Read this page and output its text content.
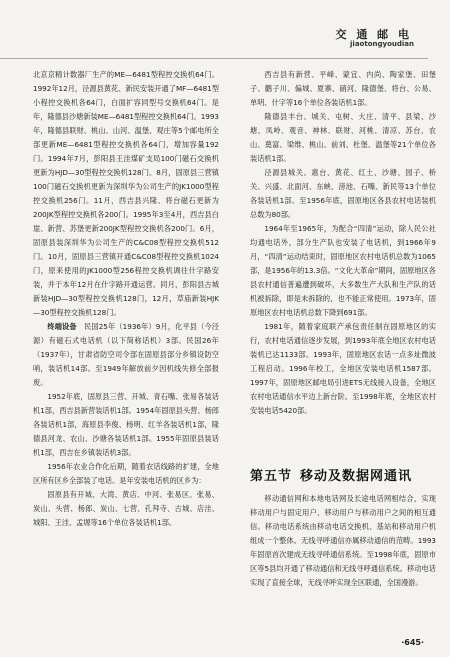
交 通 邮 电
jiaotongyoudian

北京京精计数器厂生产的ME—6481型程控交换机64门。1992年12月，泾源县黄花、新民安装开通了MF—6481型小程控交换机各64门，白面扩容同型号交换机64门。是年，隆德县沙塘新装ME—6481型程控交换机64门。1993年，隆德县联财、桃山、山河、温堡、观庄等5个邮电所全部更新ME—6481型程控交换机各64门，增加容量192门。1994年7月，彭阳县王洼煤矿支局100门磁石交换机更新为HJD—30型程控交换机128门。8月，固原县三营镇100门磁石交换机更新为深圳华为公司生产的JK1000型程控交换机256门。11月，西吉县兴隆、将台磁石更新为200JK型程控交换机各200门。1995年3至4月，西吉县白崖、新营、苏堡更新200JK型程控交换机各200门。6月，固原县装深圳华为公司生产的C&C08型程控交换机512门。10月，固原县三营镇开通C&C08型程控交换机1024门，原来使用的JK1000型256程控交换机调往什字路安装，并于本年12月在什字路开通运营。同月，彭阳县古城新装HJD—30型程控交换机128门，12月，草庙新装HJK—30型程控交换机128门。

终端设备　 民国25年（1936年）9月，化平县（今泾源）有磁石式电话机（以下简称话机）3部。民国26年（1937年），甘肃省防空司令部在固原县部分乡镇设防空哨，装话机14部。至1949年解放前夕因机线失修全部报废。

1952年底，固原县三营、开城、青石嘴、张易各装话机1部，西吉县新营装话机1部。1954年固原县头营、杨郎各装话机1部，海原县李俊、杨明、红羊各装话机1部，隆德县河龙、农山、沙塘各装话机1部。1955年固原县装话机1部，西吉在乡镇装话机3部。

1956年农业合作化后期，随着农话线路的扩建，全地区所有区乡全部装了电话。是年安装电话机的区乡为：

固原县有开城、大湾、黄店、中河、张易区、张易、炭山、头营、杨郎、炭山、七营、孔拜寺、古城、店洼、城阳、王洼、孟塬等16个单位各装话机1部。

西吉县有新营、平峰、蒙宜、内尚、陶家堡、田堡子、鹳子川、偏城、夏寨、硝河、隆德堡、将台、公易、单明、什字等16个单位各装话机1部。

隆德县丰台、城关、屯树、大庄、清平、县梁、沙塘、凤岭、观音、神林、联财、河桃、清凉、苏台、农山、奠富、梁维、桃山、前刘、杜堡、温堡等21个单位各装话机1部。

泾源县城关、惠台、黄花、红土、沙塘、园子、桥关、兴盛、北面河、东峡、滂池、石嘴、新民等13个单位各装话机1部。至1956年底，固原地区各县农村电话装机总数为80部。

1964年至1965年，为配合“四清”运动，除人民公社均通电话外，部分生产队也安装了电话机，到1966年9月，“四清”运动结束时，固原地区农村电话机总数为1065部，是1956年的13.3倍。“文化大革命”期间，固原地区各县农村通信普遍遭到破坏，大多数生产大队和生产队的话机被拆除，即是未拆除的，也不能正常使用。1973年，固原地区农村电话机总数下降到691部。

1981年，随着家庭联产承包责任制在固原地区的实行，农村电话通信逐步发展，到1993年底全地区农村电话装机已达1133部。1993年，固原地区农话一点多址微波工程启动。1996年校工，全地区安装电话机1587部。1997年，固原地区邮电局引进ETS无线接入设备，全地区农村电话通信水平边上新台阶。至1998年底，全地区农村安装电话5420部。

第五节 移动及数据网通讯

移动通信网和本地电话网及长途电话网相结合，实现移动用户与固定用户、移动用户与移动用户之间的相互通信。移动电话系统由移动电话交换机、基站和移动用户机组成一个整体。无线寻呼通信亦属移动通信的范畴。1993年固原首次建成无线寻呼通信系统。至1998年底，固原市区等5县均开通了移动通信和无线寻呼通信系统。移动电话实现了直接全球，无线寻呼实现全区联通，全国漫游。

·645·
